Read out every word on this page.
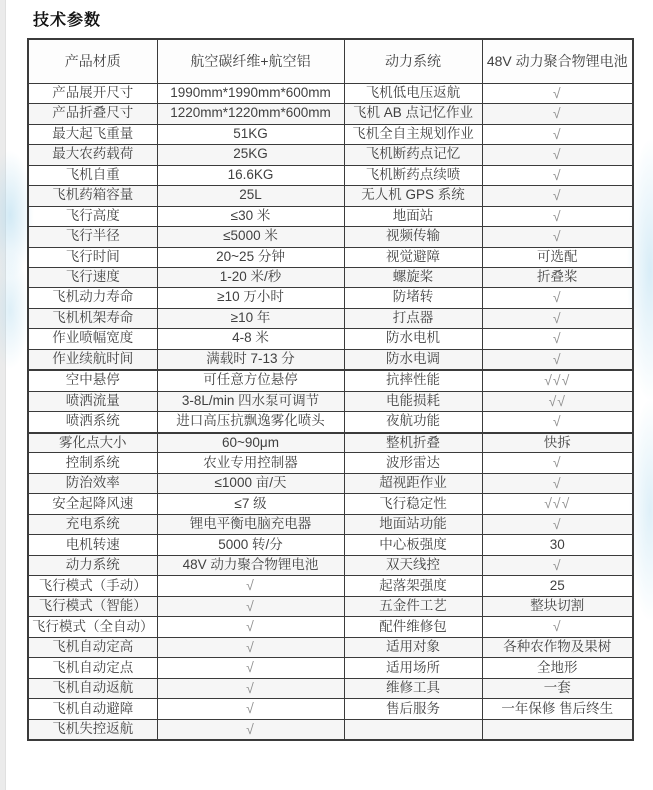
技术参数
产品材质	航空碳纤维+航空铝	动力系统	48V 动力聚合物锂电池
产品展开尺寸	1990mm*1990mm*600mm	飞机低电压返航	√
产品折叠尺寸	1220mm*1220mm*600mm	飞机 AB 点记忆作业	√
最大起飞重量	51KG	飞机全自主规划作业	√
最大农药载荷	25KG	飞机断药点记忆	√
飞机自重	16.6KG	飞机断药点续喷	√
飞机药箱容量	25L	无人机 GPS 系统	√
飞行高度	≤30 米	地面站	√
飞行半径	≤5000 米	视频传输	√
飞行时间	20~25 分钟	视觉避障	可选配
飞行速度	1-20 米/秒	螺旋桨	折叠桨
飞机动力寿命	≥10 万小时	防堵转	√
飞机机架寿命	≥10 年	打点器	√
作业喷幅宽度	4-8 米	防水电机	√
作业续航时间	满载时 7-13 分	防水电调	√
空中悬停	可任意方位悬停	抗摔性能	√√√
喷洒流量	3-8L/min 四水泵可调节	电能损耗	√√
喷洒系统	进口高压抗飘逸雾化喷头	夜航功能	√
雾化点大小	60~90μm	整机折叠	快拆
控制系统	农业专用控制器	波形雷达	√
防治效率	≤1000 亩/天	超视距作业	√
安全起降风速	≤7 级	飞行稳定性	√√√
充电系统	锂电平衡电脑充电器	地面站功能	√
电机转速	5000 转/分	中心板强度	30
动力系统	48V 动力聚合物锂电池	双天线控	√
飞行模式（手动）	√	起落架强度	25
飞行模式（智能）	√	五金件工艺	整块切割
飞行模式（全自动）	√	配件维修包	√
飞机自动定高	√	适用对象	各种农作物及果树
飞机自动定点	√	适用场所	全地形
飞机自动返航	√	维修工具	一套
飞机自动避障	√	售后服务	一年保修 售后终生
飞机失控返航	√		
